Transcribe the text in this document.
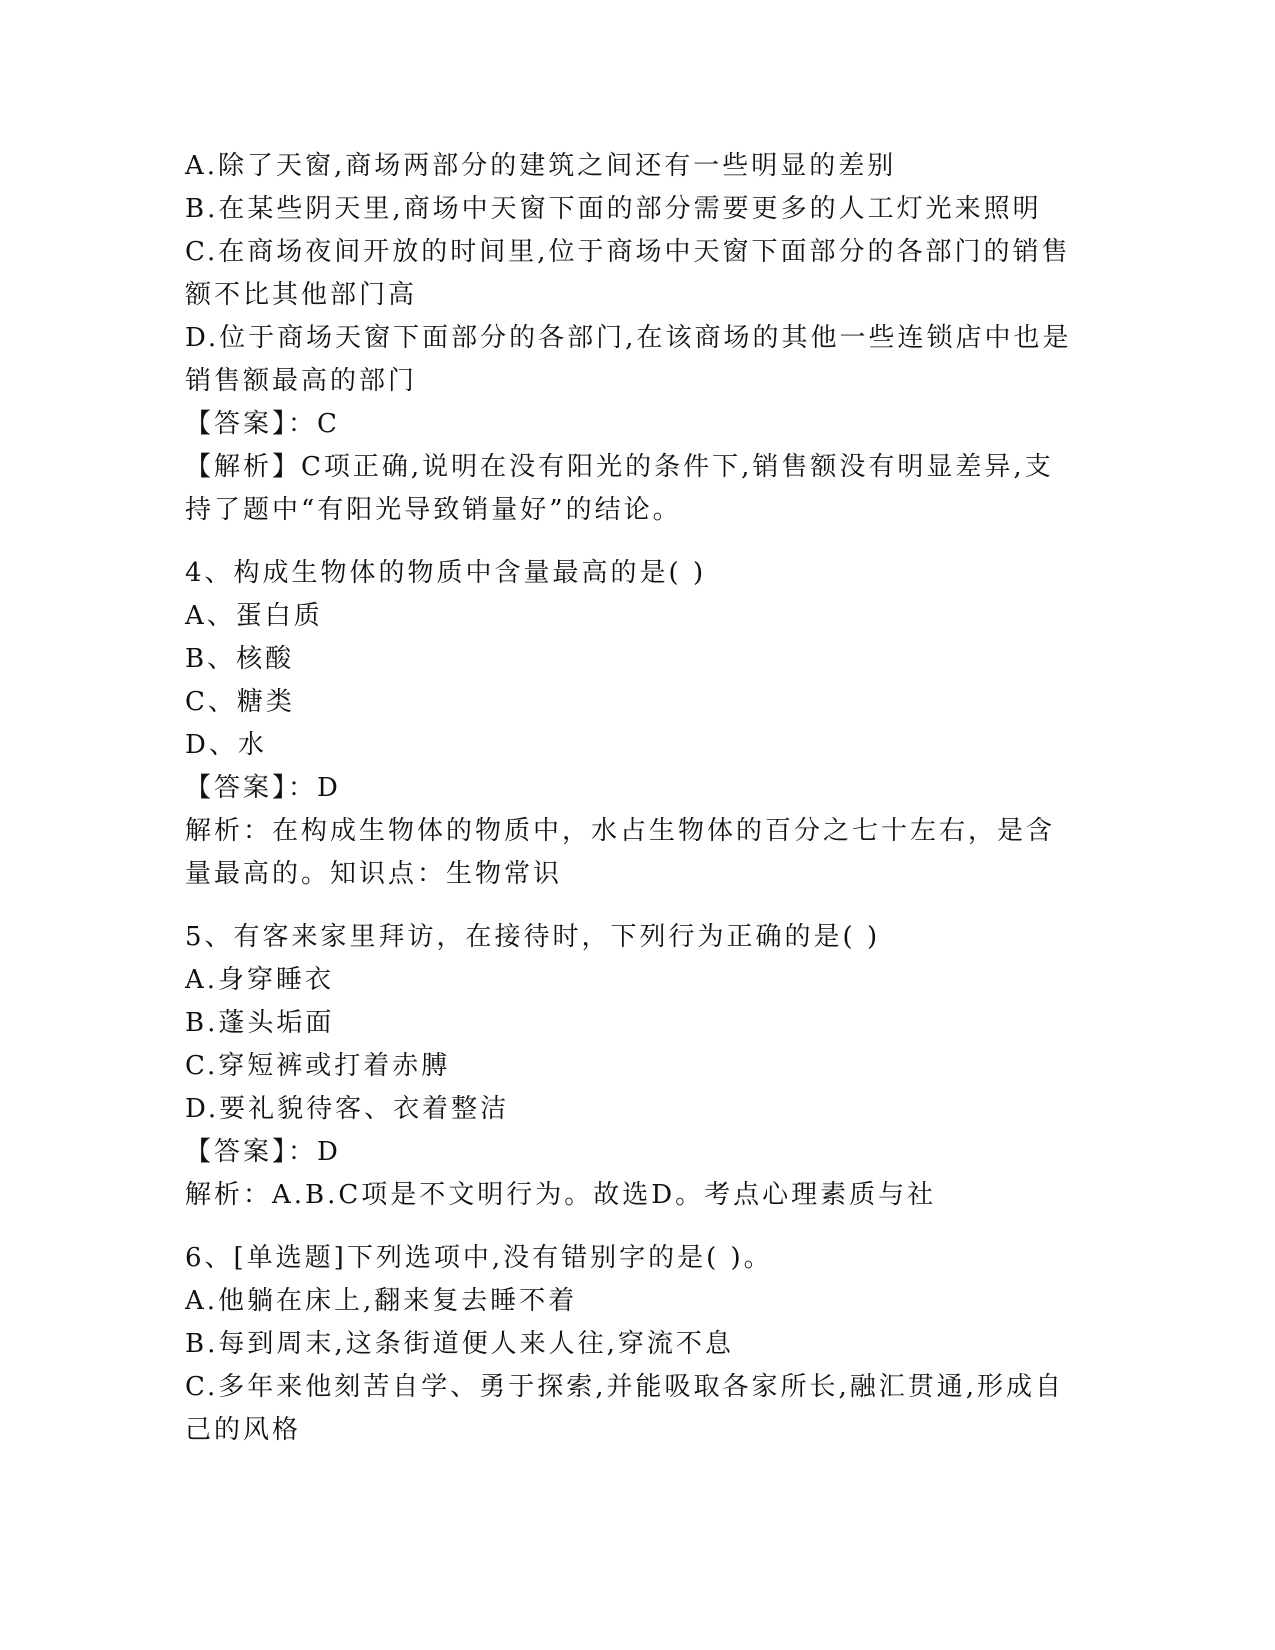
A.除了天窗,商场两部分的建筑之间还有一些明显的差别
B.在某些阴天里,商场中天窗下面的部分需要更多的人工灯光来照明
C.在商场夜间开放的时间里,位于商场中天窗下面部分的各部门的销售
额不比其他部门高
D.位于商场天窗下面部分的各部门,在该商场的其他一些连锁店中也是
销售额最高的部门
【答案】：C
【解析】C项正确,说明在没有阳光的条件下,销售额没有明显差异,支
持了题中“有阳光导致销量好”的结论。
4、构成生物体的物质中含量最高的是( )
A、蛋白质
B、核酸
C、糖类
D、水
【答案】：D
解析：在构成生物体的物质中，水占生物体的百分之七十左右，是含
量最高的。知识点：生物常识
5、有客来家里拜访，在接待时，下列行为正确的是( )
A.身穿睡衣
B.蓬头垢面
C.穿短裤或打着赤膊
D.要礼貌待客、衣着整洁
【答案】：D
解析：A.B.C项是不文明行为。故选D。考点心理素质与社
6、[单选题]下列选项中,没有错别字的是( )。
A.他躺在床上,翻来复去睡不着
B.每到周末,这条街道便人来人往,穿流不息
C.多年来他刻苦自学、勇于探索,并能吸取各家所长,融汇贯通,形成自
己的风格
